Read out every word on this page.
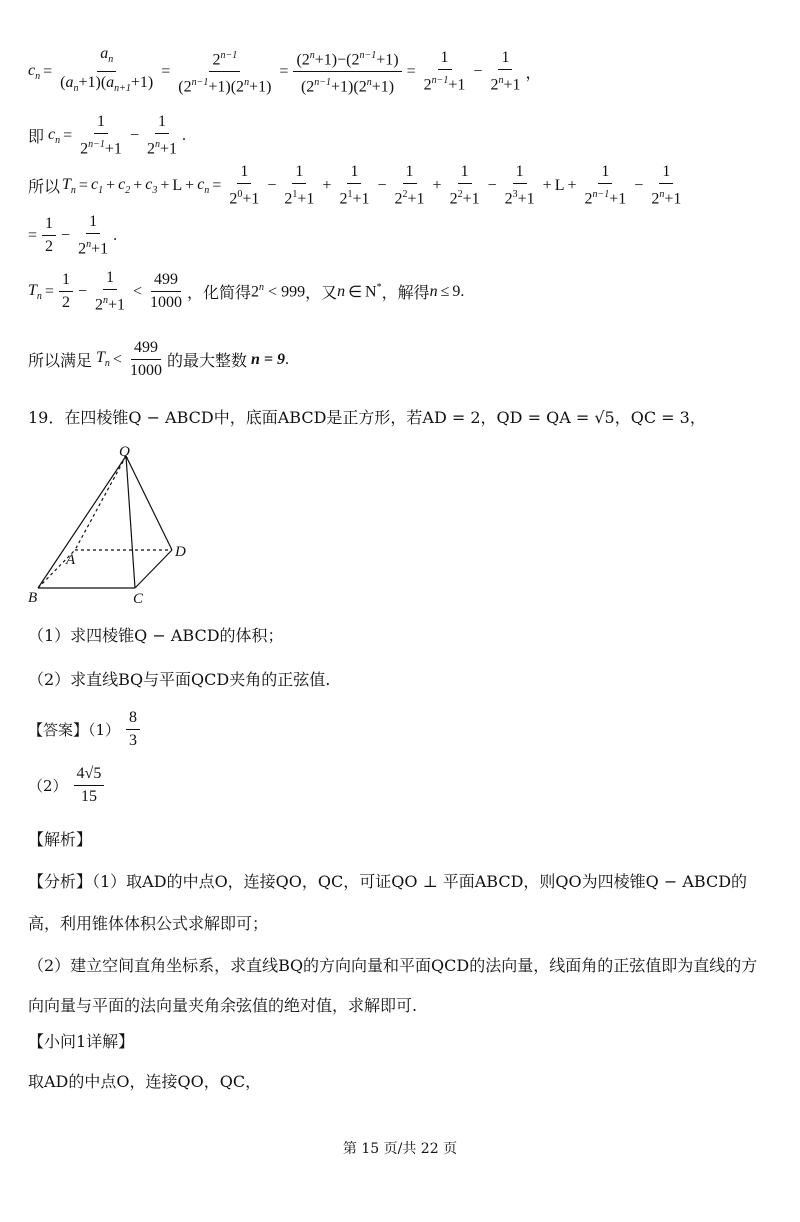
$c_n = \frac{a_n}{(a_n+1)(a_{n+1}+1)} = \frac{2^{n-1}}{(2^{n-1}+1)(2^n+1)} = \frac{(2^n+1)-(2^{n-1}+1)}{(2^{n-1}+1)(2^n+1)} = \frac{1}{2^{n-1}+1} - \frac{1}{2^n+1}$ ，
即 $c_n = \frac{1}{2^{n-1}+1} - \frac{1}{2^n+1}$ .
所以 $T_n = c_1 + c_2 + c_3 + L + c_n = \frac{1}{2^0+1} - \frac{1}{2^1+1} + \frac{1}{2^1+1} - \frac{1}{2^2+1} + \frac{1}{2^2+1} - \frac{1}{2^3+1} + L + \frac{1}{2^{n-1}+1} - \frac{1}{2^n+1}$
= $\frac{1}{2} - \frac{1}{2^n+1}$ .
$T_n = \frac{1}{2} - \frac{1}{2^n+1} < \frac{499}{1000}$ ，化简得 $2^n < 999$ ，又 n ∈ N* ，解得 n ≤ 9 .
所以满足 $T_n < \frac{499}{1000}$ 的最大整数 n = 9 .
19．在四棱锥Q − ABCD中，底面ABCD是正方形，若AD = 2，QD = QA = √5，QC = 3，
Q
A	D
B	C
（1）求四棱锥Q − ABCD的体积；
（2）求直线BQ与平面QCD夹角的正弦值.
【答案】$(1) \frac{8}{3}$
$(2) \frac{4√5}{15}$
【解析】
【分析】（1）取AD的中点O，连接QO，QC，可证QO ⊥ 平面ABCD，则QO为四棱锥Q − ABCD的
高，利用锥体体积公式求解即可；
（2）建立空间直角坐标系，求直线BQ的方向向量和平面QCD的法向量，线面角的正弦值即为直线的方
向向量与平面的法向量夹角余弦值的绝对值，求解即可.
【小问1详解】
取AD的中点O，连接QO，QC，
第 15 页/共 22 页
